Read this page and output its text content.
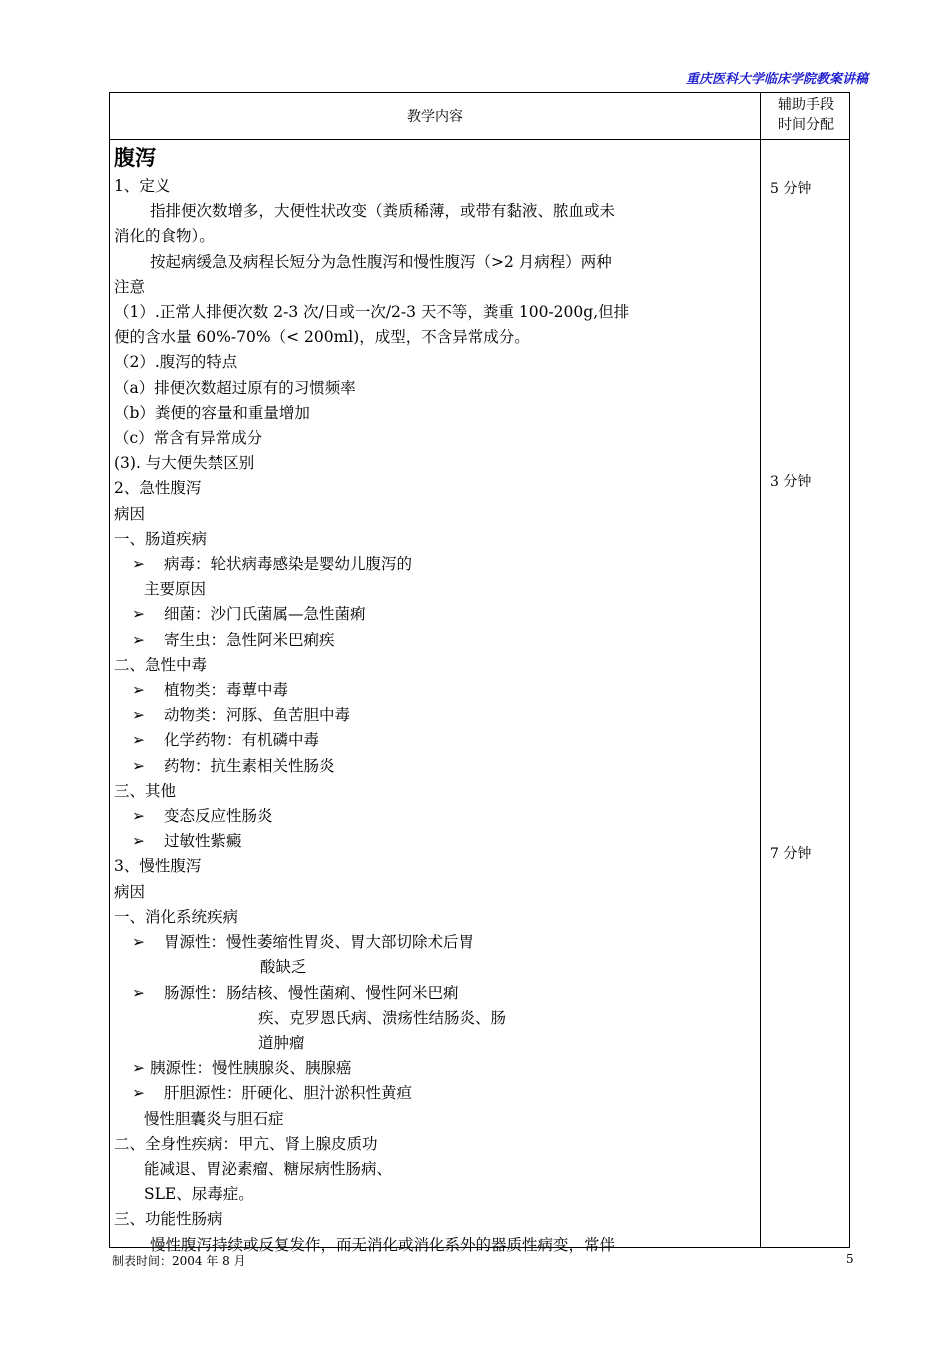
重庆医科大学临床学院教案讲稿
教学内容
辅助手段
时间分配
腹泻
1、定义
指排便次数增多，大便性状改变（粪质稀薄，或带有黏液、脓血或未
消化的食物）。
按起病缓急及病程长短分为急性腹泻和慢性腹泻（>2 月病程）两种
注意
（1）.正常人排便次数 2-3 次/日或一次/2-3 天不等，粪重 100-200g,但排
便的含水量 60%-70%（< 200ml)，成型，不含异常成分。
（2）.腹泻的特点
（a）排便次数超过原有的习惯频率
（b）粪便的容量和重量增加
（c）常含有异常成分
(3). 与大便失禁区别
2、急性腹泻
病因
一、肠道疾病
➢ 病毒：轮状病毒感染是婴幼儿腹泻的
主要原因
➢ 细菌：沙门氏菌属—急性菌痢
➢ 寄生虫：急性阿米巴痢疾
二、急性中毒
➢ 植物类：毒蕈中毒
➢ 动物类：河豚、鱼苦胆中毒
➢ 化学药物：有机磷中毒
➢ 药物：抗生素相关性肠炎
三、其他
➢ 变态反应性肠炎
➢ 过敏性紫癜
3、慢性腹泻
病因
一、消化系统疾病
➢ 胃源性：慢性萎缩性胃炎、胃大部切除术后胃
酸缺乏
➢ 肠源性：肠结核、慢性菌痢、慢性阿米巴痢
疾、克罗恩氏病、溃疡性结肠炎、肠
道肿瘤
➢ 胰源性：慢性胰腺炎、胰腺癌
➢ 肝胆源性：肝硬化、胆汁淤积性黄疸
慢性胆囊炎与胆石症
二、全身性疾病：甲亢、肾上腺皮质功
能减退、胃泌素瘤、糖尿病性肠病、
SLE、尿毒症。
三、功能性肠病
慢性腹泻持续或反复发作，而无消化或消化系外的器质性病变，常伴
5 分钟
3 分钟
7 分钟
制表时间：2004 年 8 月	5
